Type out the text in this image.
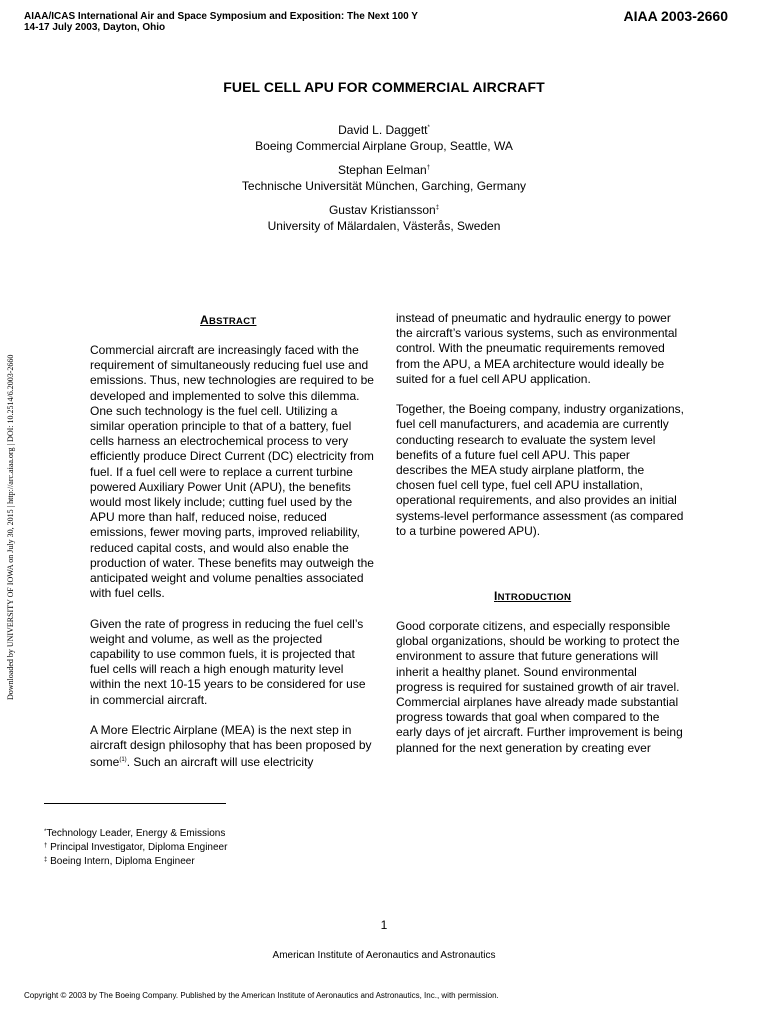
AIAA/ICAS International Air and Space Symposium and Exposition: The Next 100 Y
14-17 July 2003, Dayton, Ohio
AIAA 2003-2660
FUEL CELL APU FOR COMMERCIAL AIRCRAFT
David L. Daggett*
Boeing Commercial Airplane Group, Seattle, WA
Stephan Eelman†
Technische Universität München, Garching, Germany
Gustav Kristiansson‡
University of Mälardalen, Västerås, Sweden
Downloaded by UNIVERSITY OF IOWA on July 30, 2015 | http://arc.aiaa.org | DOI: 10.2514/6.2003-2660
ABSTRACT

Commercial aircraft are increasingly faced with the requirement of simultaneously reducing fuel use and emissions. Thus, new technologies are required to be developed and implemented to solve this dilemma. One such technology is the fuel cell. Utilizing a similar operation principle to that of a battery, fuel cells harness an electrochemical process to very efficiently produce Direct Current (DC) electricity from fuel. If a fuel cell were to replace a current turbine powered Auxiliary Power Unit (APU), the benefits would most likely include; cutting fuel used by the APU more than half, reduced noise, reduced emissions, fewer moving parts, improved reliability, reduced capital costs, and would also enable the production of water. These benefits may outweigh the anticipated weight and volume penalties associated with fuel cells.

Given the rate of progress in reducing the fuel cell’s weight and volume, as well as the projected capability to use common fuels, it is projected that fuel cells will reach a high enough maturity level within the next 10-15 years to be considered for use in commercial aircraft.

A More Electric Airplane (MEA) is the next step in aircraft design philosophy that has been proposed by some$^{(1)}$. Such an aircraft will use electricity

instead of pneumatic and hydraulic energy to power the aircraft’s various systems, such as environmental control. With the pneumatic requirements removed from the APU, a MEA architecture would ideally be suited for a fuel cell APU application.

Together, the Boeing company, industry organizations, fuel cell manufacturers, and academia are currently conducting research to evaluate the system level benefits of a future fuel cell APU. This paper describes the MEA study airplane platform, the chosen fuel cell type, fuel cell APU installation, operational requirements, and also provides an initial systems-level performance assessment (as compared to a turbine powered APU).

INTRODUCTION

Good corporate citizens, and especially responsible global organizations, should be working to protect the environment to assure that future generations will inherit a healthy planet. Sound environmental progress is required for sustained growth of air travel. Commercial airplanes have already made substantial progress towards that goal when compared to the early days of jet aircraft. Further improvement is being planned for the next generation by creating ever

*Technology Leader, Energy & Emissions
† Principal Investigator, Diploma Engineer
‡ Boeing Intern, Diploma Engineer
1
American Institute of Aeronautics and Astronautics
Copyright © 2003 by The Boeing Company. Published by the American Institute of Aeronautics and Astronautics, Inc., with permission.
